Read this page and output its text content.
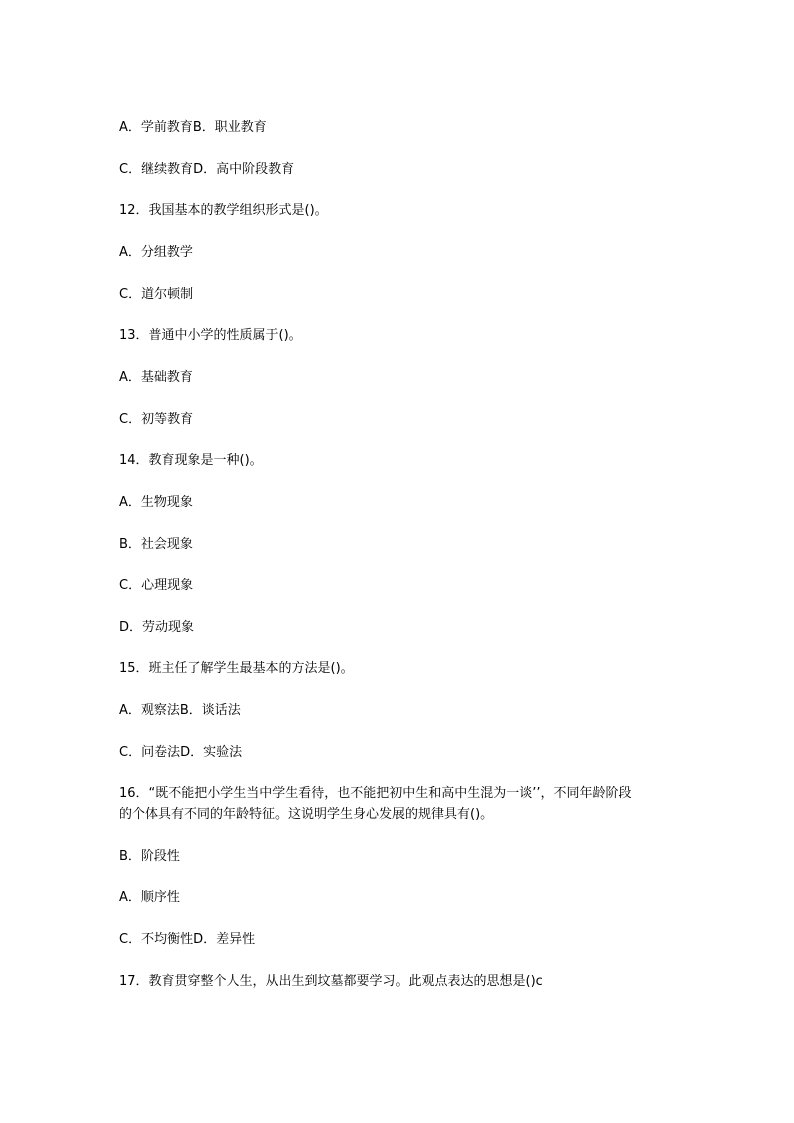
A．学前教育B．职业教育
C．继续教育D．高中阶段教育
12．我国基本的教学组织形式是()。
A．分组教学
C．道尔顿制
13．普通中小学的性质属于()。
A．基础教育
C．初等教育
14．教育现象是一种()。
A．生物现象
B．社会现象
C．心理现象
D．劳动现象
15．班主任了解学生最基本的方法是()。
A．观察法B．谈话法
C．问卷法D．实验法
16．“既不能把小学生当中学生看待，也不能把初中生和高中生混为一谈’’，不同年龄阶段
的个体具有不同的年龄特征。这说明学生身心发展的规律具有()。
B．阶段性
A．顺序性
C．不均衡性D．差异性
17．教育贯穿整个人生，从出生到坟墓都要学习。此观点表达的思想是()c
